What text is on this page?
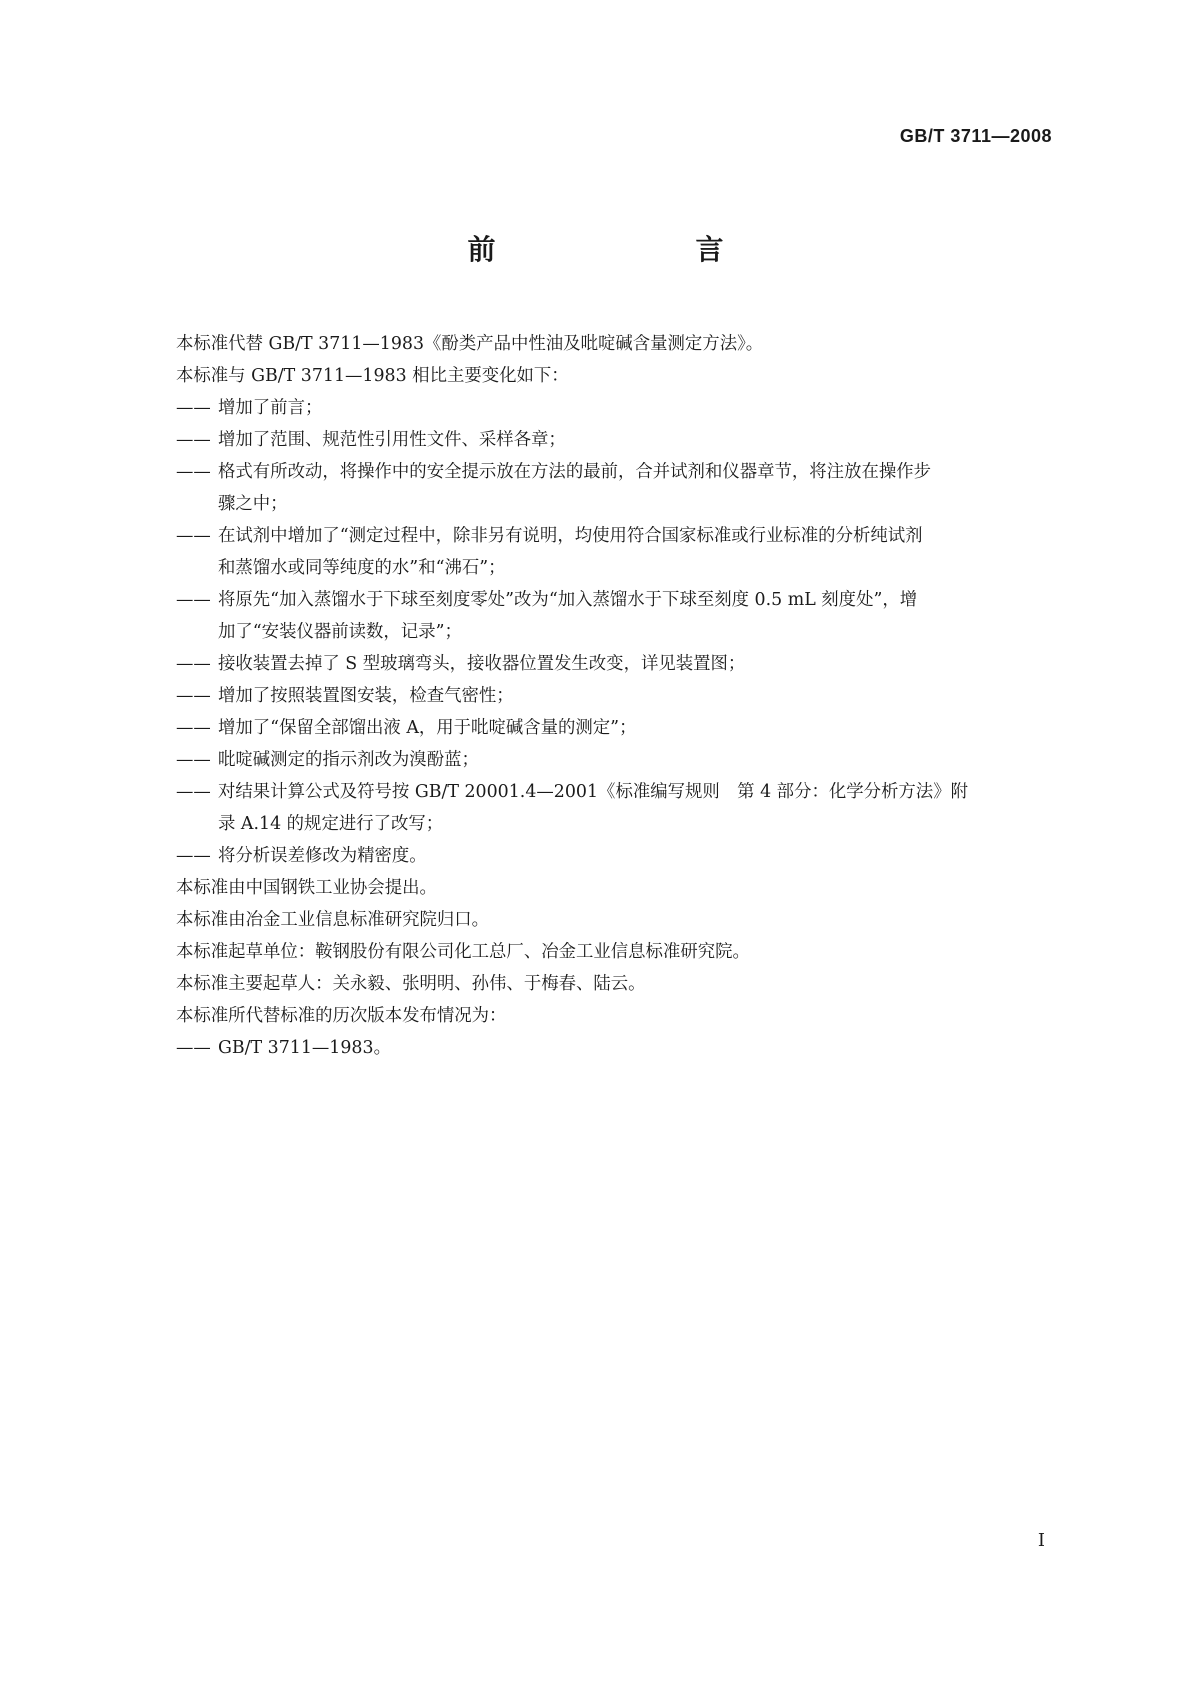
GB/T 3711—2008
前　　言
本标准代替 GB/T 3711—1983《酚类产品中性油及吡啶碱含量测定方法》。
本标准与 GB/T 3711—1983 相比主要变化如下：
—— 增加了前言；
—— 增加了范围、规范性引用性文件、采样各章；
—— 格式有所改动，将操作中的安全提示放在方法的最前，合并试剂和仪器章节，将注放在操作步
骤之中；
—— 在试剂中增加了“测定过程中，除非另有说明，均使用符合国家标准或行业标准的分析纯试剂
和蒸馏水或同等纯度的水”和“沸石”；
—— 将原先“加入蒸馏水于下球至刻度零处”改为“加入蒸馏水于下球至刻度 0.5 mL 刻度处”，增
加了“安装仪器前读数，记录”；
—— 接收装置去掉了 S 型玻璃弯头，接收器位置发生改变，详见装置图；
—— 增加了按照装置图安装，检查气密性；
—— 增加了“保留全部馏出液 A，用于吡啶碱含量的测定”；
—— 吡啶碱测定的指示剂改为溴酚蓝；
—— 对结果计算公式及符号按 GB/T 20001.4—2001《标准编写规则　第 4 部分：化学分析方法》附
录 A.14 的规定进行了改写；
—— 将分析误差修改为精密度。
本标准由中国钢铁工业协会提出。
本标准由冶金工业信息标准研究院归口。
本标准起草单位：鞍钢股份有限公司化工总厂、冶金工业信息标准研究院。
本标准主要起草人：关永毅、张明明、孙伟、于梅春、陆云。
本标准所代替标准的历次版本发布情况为：
—— GB/T 3711—1983。
I
